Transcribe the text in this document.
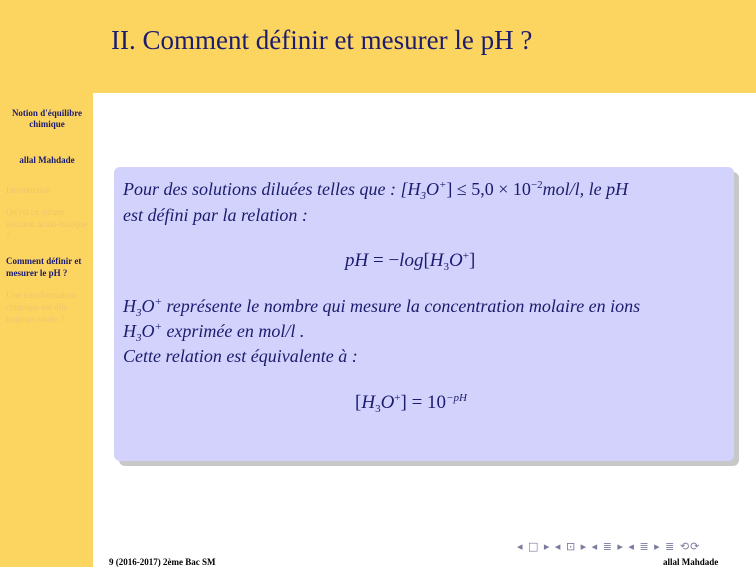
II. Comment définir et mesurer le pH ?
Notion d'équilibre chimique
allal Mahdade
Introduction
Qu'est ce qu'une réaction acido-basique ?
Comment définir et mesurer le pH ?
Une transformation chimique est-elle toujours totale ?
Pour des solutions diluées telles que : $[H_3O^+] \le 5,0 \times 10^{-2}mol/l$, le pH
est défini par la relation :
pH = $-\log[H_3O^+]$
$H_3O^+$ représente le nombre qui mesure la concentration molaire en ions
$H_3O^+$ exprimée en mol/l .
Cette relation est équivalente à :
$[H_3O^+] = 10^{-pH}$
◂ □ ▸ ◂ ⊡ ▸ ◂ ≣ ▸ ◂ ≣ ▸ ≣ ⟲⟳
9 (2016-2017) 2ème Bac SM	allal Mahdade
